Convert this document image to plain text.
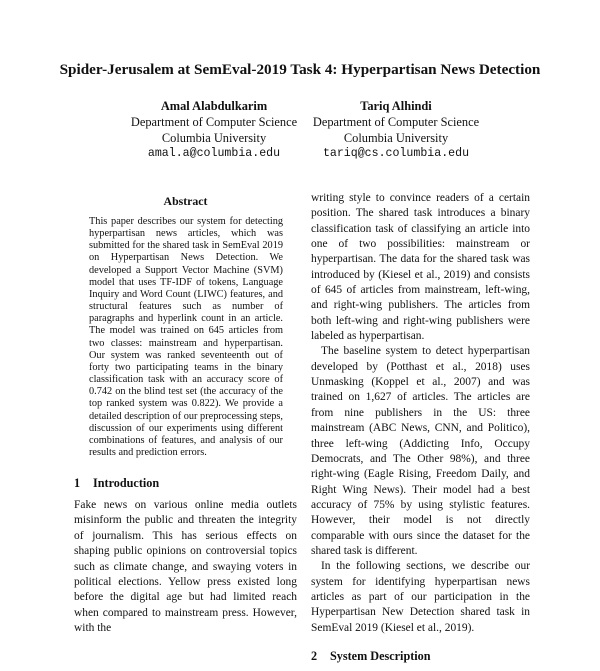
Spider-Jerusalem at SemEval-2019 Task 4: Hyperpartisan News Detection
Amal Alabdulkarim
Department of Computer Science
Columbia University
amal.a@columbia.edu
Tariq Alhindi
Department of Computer Science
Columbia University
tariq@cs.columbia.edu
Abstract

This paper describes our system for detecting hyperpartisan news articles, which was submitted for the shared task in SemEval 2019 on Hyperpartisan News Detection. We developed a Support Vector Machine (SVM) model that uses TF-IDF of tokens, Language Inquiry and Word Count (LIWC) features, and structural features such as number of paragraphs and hyperlink count in an article. The model was trained on 645 articles from two classes: mainstream and hyperpartisan. Our system was ranked seventeenth out of forty two participating teams in the binary classification task with an accuracy score of 0.742 on the blind test set (the accuracy of the top ranked system was 0.822). We provide a detailed description of our preprocessing steps, discussion of our experiments using different combinations of features, and analysis of our results and prediction errors.

1 Introduction

Fake news on various online media outlets misinform the public and threaten the integrity of journalism. This has serious effects on shaping public opinions on controversial topics such as climate change, and swaying voters in political elections. Yellow press existed long before the digital age but had limited reach when compared to mainstream press. However, with the

writing style to convince readers of a certain position. The shared task introduces a binary classification task of classifying an article into one of two possibilities: mainstream or hyperpartisan. The data for the shared task was introduced by (Kiesel et al., 2019) and consists of 645 of articles from mainstream, left-wing, and right-wing publishers. The articles from both left-wing and right-wing publishers were labeled as hyperpartisan.

The baseline system to detect hyperpartisan developed by (Potthast et al., 2018) uses Unmasking (Koppel et al., 2007) and was trained on 1,627 of articles. The articles are from nine publishers in the US: three mainstream (ABC News, CNN, and Politico), three left-wing (Addicting Info, Occupy Democrats, and The Other 98%), and three right-wing (Eagle Rising, Freedom Daily, and Right Wing News). Their model had a best accuracy of 75% by using stylistic features. However, their model is not directly comparable with ours since the dataset for the shared task is different.

In the following sections, we describe our system for identifying hyperpartisan news articles as part of our participation in the Hyperpartisan New Detection shared task in SemEval 2019 (Kiesel et al., 2019).

2 System Description
